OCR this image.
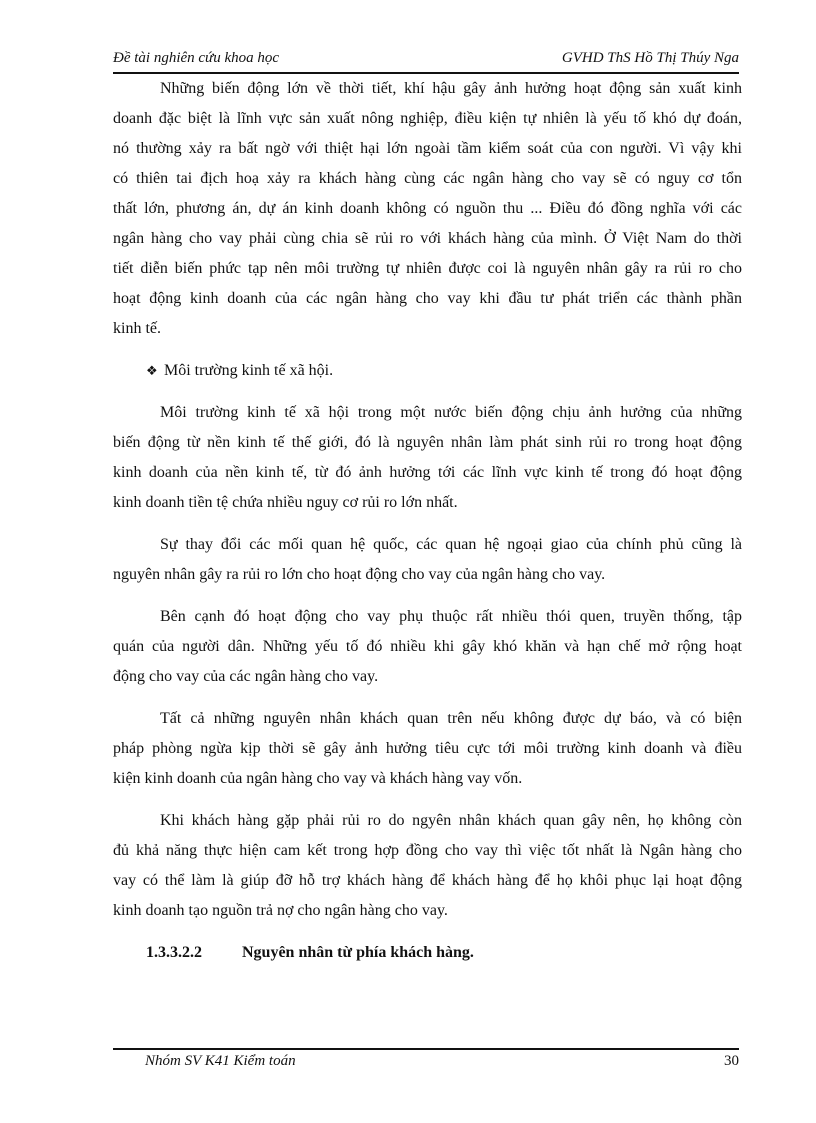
Đề tài nghiên cứu khoa học	GVHD ThS Hồ Thị Thúy Nga
Những biến động lớn về thời tiết, khí hậu gây ảnh hưởng hoạt động sản xuất kinh
doanh đặc biệt là lĩnh vực sản xuất nông nghiệp, điều kiện tự nhiên là yếu tố khó dự đoán,
nó thường xảy ra bất ngờ với thiệt hại lớn ngoài tầm kiểm soát của con người. Vì vậy khi
có thiên tai địch hoạ xảy ra khách hàng cùng các ngân hàng cho vay sẽ có nguy cơ tổn
thất lớn, phương án, dự án kinh doanh không có nguồn thu ... Điều đó đồng nghĩa với các
ngân hàng cho vay phải cùng chia sẽ rủi ro với khách hàng của mình. Ở Việt Nam do thời
tiết diễn biến phức tạp nên môi trường tự nhiên được coi là nguyên nhân gây ra rủi ro cho
hoạt động kinh doanh của các ngân hàng cho vay khi đầu tư phát triển các thành phần
kinh tế.
❖ Môi trường kinh tế xã hội.
Môi trường kinh tế xã hội trong một nước biến động chịu ảnh hưởng của những
biến động từ nền kinh tế thế giới, đó là nguyên nhân làm phát sinh rủi ro trong hoạt động
kinh doanh của nền kinh tế, từ đó ảnh hưởng tới các lĩnh vực kinh tế trong đó hoạt động
kinh doanh tiền tệ chứa nhiều nguy cơ rủi ro lớn nhất.
Sự thay đổi các mối quan hệ quốc, các quan hệ ngoại giao của chính phủ cũng là
nguyên nhân gây ra rủi ro lớn cho hoạt động cho vay của ngân hàng cho vay.
Bên cạnh đó hoạt động cho vay phụ thuộc rất nhiều thói quen, truyền thống, tập
quán của người dân. Những yếu tố đó nhiều khi gây khó khăn và hạn chế mở rộng hoạt
động cho vay của các ngân hàng cho vay.
Tất cả những nguyên nhân khách quan trên nếu không được dự báo, và có biện
pháp phòng ngừa kịp thời sẽ gây ảnh hưởng tiêu cực tới môi trường kinh doanh và điều
kiện kinh doanh của ngân hàng cho vay và khách hàng vay vốn.
Khi khách hàng gặp phải rủi ro do ngyên nhân khách quan gây nên, họ không còn
đủ khả năng thực hiện cam kết trong hợp đồng cho vay thì việc tốt nhất là Ngân hàng cho
vay có thể làm là giúp đỡ hỗ trợ khách hàng để khách hàng để họ khôi phục lại hoạt động
kinh doanh tạo nguồn trả nợ cho ngân hàng cho vay.
1.3.3.2.2	Nguyên nhân từ phía khách hàng.
Nhóm SV K41 Kiểm toán	30
